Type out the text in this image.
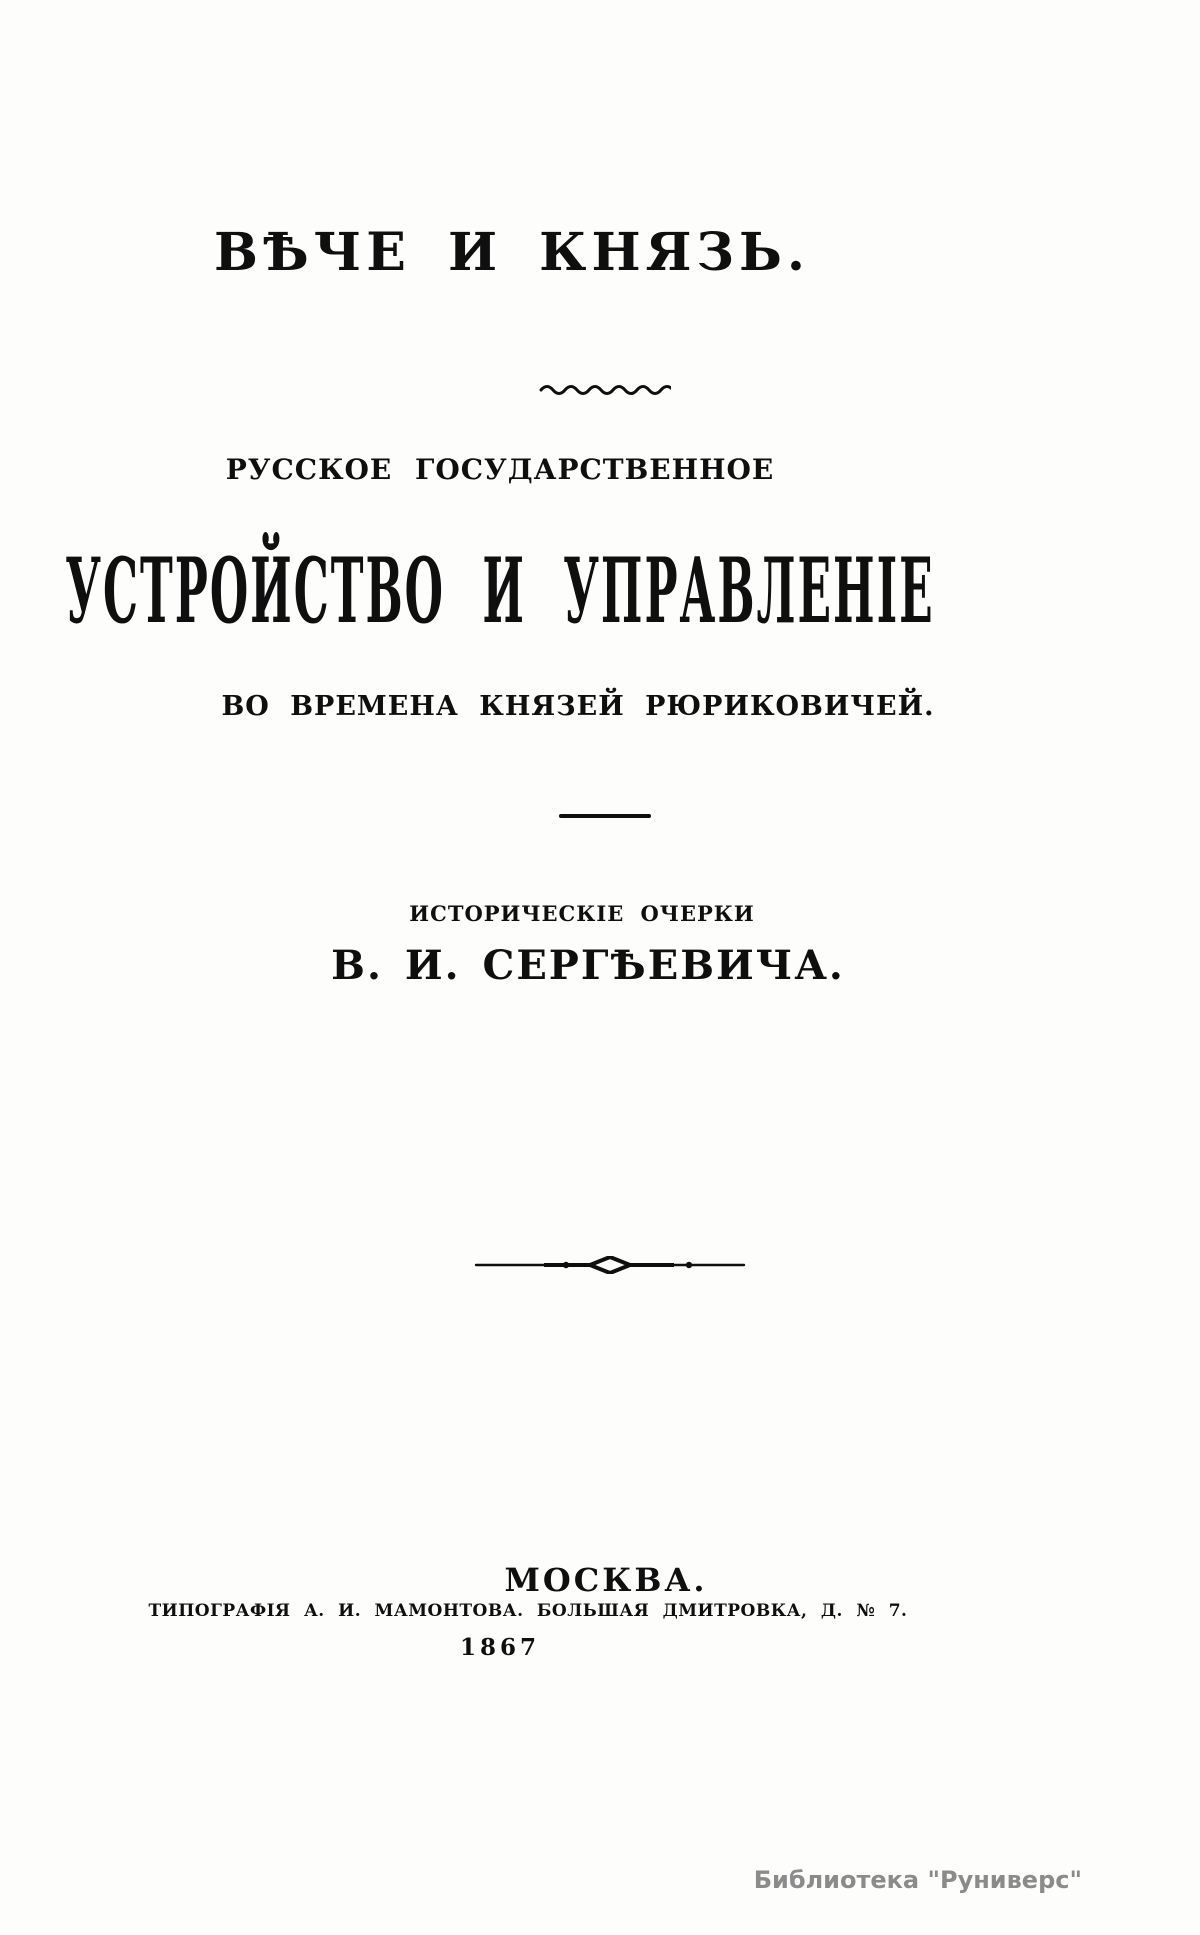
ВѢЧЕ И КНЯЗЬ.
РУССКОЕ ГОСУДАРСТВЕННОЕ
УСТРОЙСТВО И УПРАВЛЕНІЕ
ВО ВРЕМЕНА КНЯЗЕЙ РЮРИКОВИЧЕЙ.
ИСТОРИЧЕСКІЕ ОЧЕРКИ
В. И. СЕРГѢЕВИЧА.
МОСКВА.
ТИПОГРАФІЯ А. И. МАМОНТОВА. БОЛЬШАЯ ДМИТРОВКА, Д. № 7.
1867
Библиотека "Руниверс"
